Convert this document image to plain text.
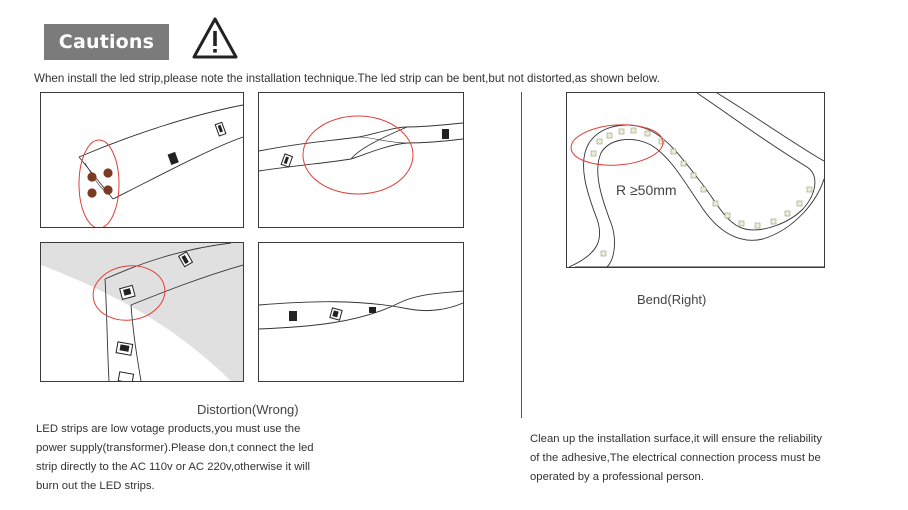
Cautions
When install the led strip,please note the installation technique.The led strip can be bent,but not distorted,as shown below.
Distortion(Wrong)
LED strips are low votage products,you must use the
power supply(transformer).Please don,t connect the led
strip directly to the AC 110v or AC 220v,otherwise it will
burn out the LED strips.
R ≥50mm
Bend(Right)
Clean up the installation surface,it will ensure the reliability
of the adhesive,The electrical connection process must be
operated by a professional person.
